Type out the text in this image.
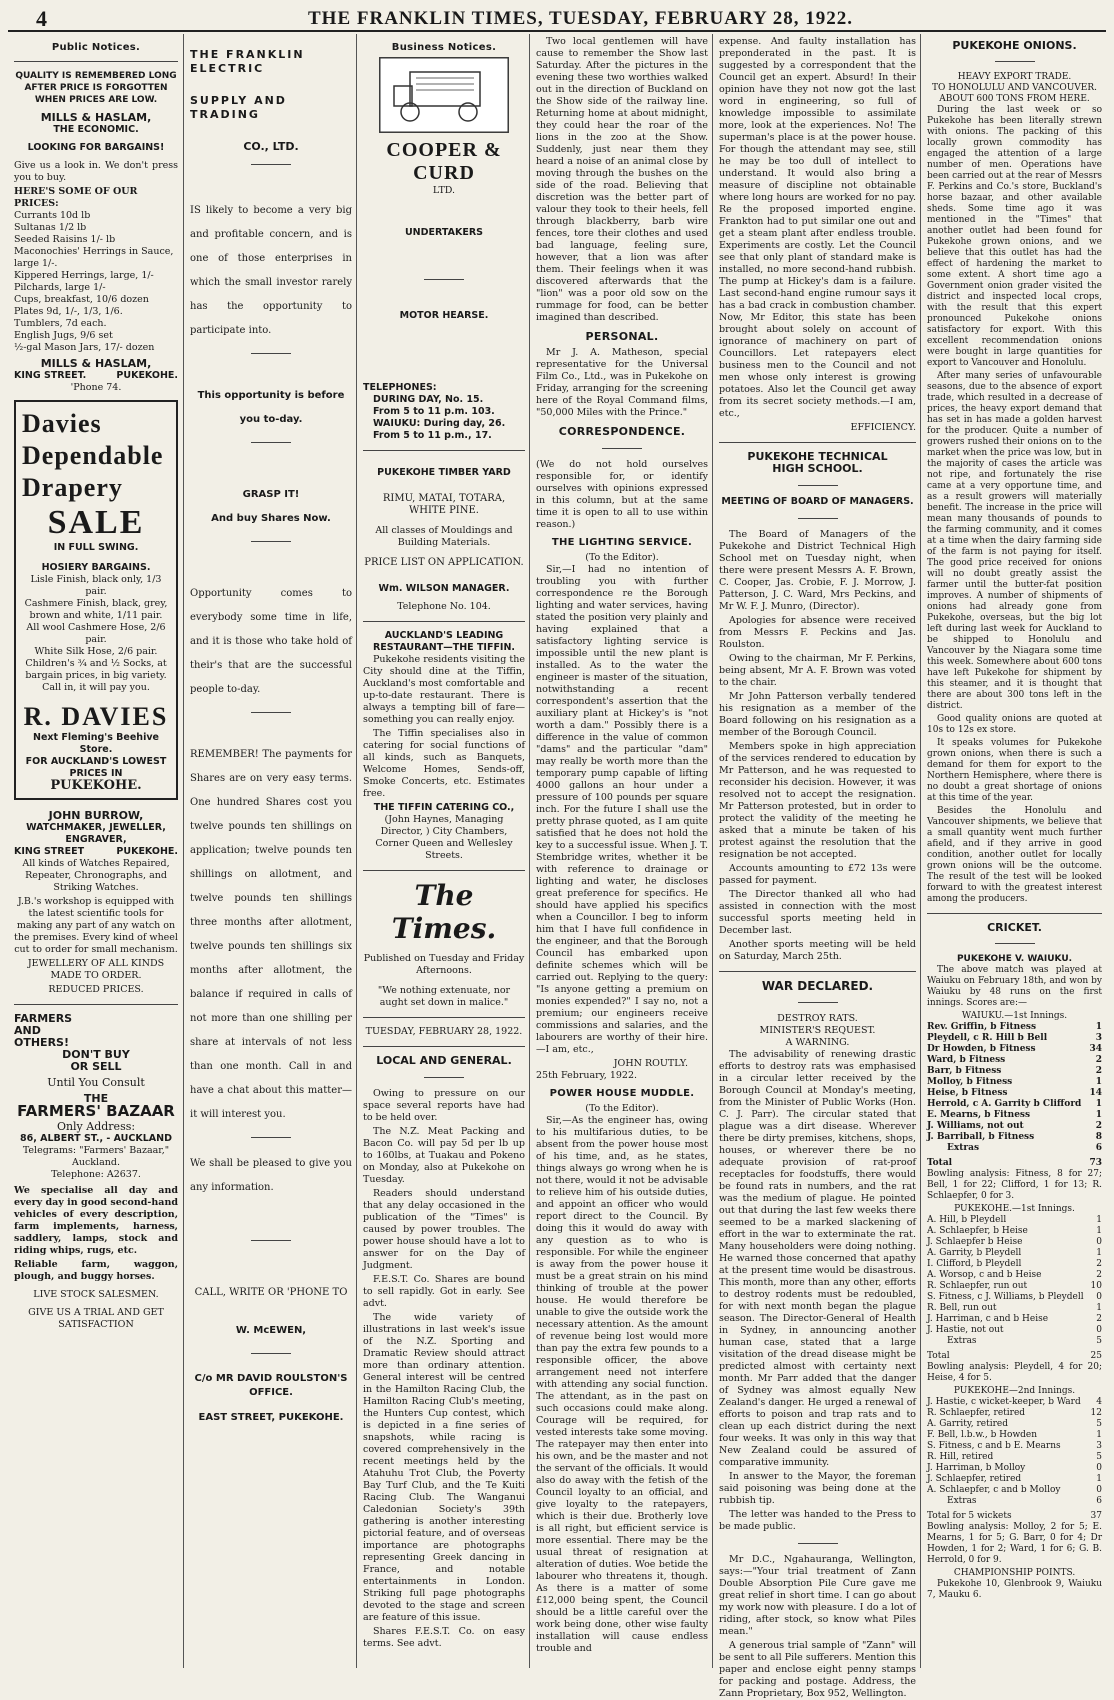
4	THE FRANKLIN TIMES, TUESDAY, FEBRUARY 28, 1922.
Public Notices.
QUALITY IS REMEMBERED LONG AFTER PRICE IS FORGOTTEN WHEN PRICES ARE LOW.
MILLS & HASLAM,
THE ECONOMIC.
LOOKING FOR BARGAINS!

Give us a look in. We don't press you to buy.

HERE'S SOME OF OUR PRICES:
Currants 10d lb
Sultanas 1/2 lb
Seeded Raisins 1/- lb
Maconochies' Herrings in Sauce, large 1/-.
Kippered Herrings, large, 1/-
Pilchards, large 1/-
Cups, breakfast, 10/6 dozen
Plates 9d, 1/-, 1/3, 1/6.
Tumblers, 7d each.
English Jugs, 9/6 set
½-gal Mason Jars, 17/- dozen
MILLS & HASLAM,
KING STREET.	PUKEKOHE.
'Phone 74.
Davies
Dependable
Drapery
SALE
IN FULL SWING.
HOSIERY BARGAINS.
Lisle Finish, black only, 1/3 pair.
Cashmere Finish, black, grey, brown and white, 1/11 pair.
All wool Cashmere Hose, 2/6 pair.
White Silk Hose, 2/6 pair.
Children's ¾ and ½ Socks, at bargain prices, in big variety.
Call in, it will pay you.
R. DAVIES
Next Fleming's Beehive Store.
FOR AUCKLAND'S LOWEST PRICES IN
PUKEKOHE.
JOHN BURROW,
WATCHMAKER, JEWELLER, ENGRAVER,
KING STREET	PUKEKOHE.

All kinds of Watches Repaired, Repeater, Chronographs, and Striking Watches.

J.B.'s workshop is equipped with the latest scientific tools for making any part of any watch on the premises. Every kind of wheel cut to order for small mechanism.

JEWELLERY OF ALL KINDS MADE TO ORDER.

REDUCED PRICES.

FARMERS
AND
OTHERS!
DON'T BUY
OR SELL
Until You Consult
THE
FARMERS' BAZAAR
Only Address:
86, ALBERT ST., - AUCKLAND
Telegrams: "Farmers' Bazaar," Auckland.
Telephone: A2637.

We specialise all day and every day in good second-hand vehicles of every description, farm implements, harness, saddlery, lamps, stock and riding whips, rugs, etc.

Reliable farm, waggon, plough, and buggy horses.

LIVE STOCK SALESMEN.
GIVE US A TRIAL AND GET SATISFACTION
THE FRANKLIN ELECTRIC
SUPPLY AND TRADING
CO., LTD.

IS likely to become a very big and profitable concern, and is one of those enterprises in which the small investor rarely has the opportunity to participate into.

This opportunity is before you to-day.

GRASP IT!
And buy Shares Now.

Opportunity comes to everybody some time in life, and it is those who take hold of their's that are the successful people to-day.

REMEMBER! The payments for Shares are on very easy terms. One hundred Shares cost you twelve pounds ten shillings on application; twelve pounds ten shillings on allotment, and twelve pounds ten shillings three months after allotment, twelve pounds ten shillings six months after allotment, the balance if required in calls of not more than one shilling per share at intervals of not less than one month. Call in and have a chat about this matter—it will interest you.

We shall be pleased to give you any information.

CALL, WRITE OR 'PHONE TO
W. McEWEN,
C/o MR DAVID ROULSTON'S OFFICE.
EAST STREET, PUKEKOHE.
Business Notices.
COOPER & CURD
LTD.
UNDERTAKERS
MOTOR HEARSE.
TELEPHONES:
DURING DAY, No. 15.
From 5 to 11 p.m. 103.
WAIUKU: During day, 26.
From 5 to 11 p.m., 17.
PUKEKOHE TIMBER YARD
RIMU, MATAI, TOTARA, WHITE PINE.
All classes of Mouldings and Building Materials.
PRICE LIST ON APPLICATION.
Wm. WILSON MANAGER.
Telephone No. 104.
AUCKLAND'S LEADING RESTAURANT—THE TIFFIN.

Pukekohe residents visiting the City should dine at the Tiffin, Auckland's most comfortable and up-to-date restaurant. There is always a tempting bill of fare—something you can really enjoy.

The Tiffin specialises also in catering for social functions of all kinds, such as Banquets, Welcome Homes, Sends-off, Smoke Concerts, etc. Estimates free.

THE TIFFIN CATERING CO.,
(John Haynes, Managing Director, ) City Chambers, Corner Queen and Wellesley Streets.
The Times.
Published on Tuesday and Friday Afternoons.
"We nothing extenuate, nor aught set down in malice."
TUESDAY, FEBRUARY 28, 1922.
LOCAL AND GENERAL.

Owing to pressure on our space several reports have had to be held over.

The N.Z. Meat Packing and Bacon Co. will pay 5d per lb up to 160lbs, at Tuakau and Pokeno on Monday, also at Pukekohe on Tuesday.

Readers should understand that any delay occasioned in the publication of the "Times" is caused by power troubles. The power house should have a lot to answer for on the Day of Judgment.

F.E.S.T. Co. Shares are bound to sell rapidly. Got in early. See advt.

The wide variety of illustrations in last week's issue of the N.Z. Sporting and Dramatic Review should attract more than ordinary attention. General interest will be centred in the Hamilton Racing Club, the Hamilton Racing Club's meeting, the Hunters Cup contest, which is depicted in a fine series of snapshots, while racing is covered comprehensively in the recent meetings held by the Atahuhu Trot Club, the Poverty Bay Turf Club, and the Te Kuiti Racing Club. The Wanganui Caledonian Society's 39th gathering is another interesting pictorial feature, and of overseas importance are photographs representing Greek dancing in France, and notable entertainments in London. Striking full page photographs devoted to the stage and screen are feature of this issue.

Shares F.E.S.T. Co. on easy terms. See advt.

Two local gentlemen will have cause to remember the Show last Saturday. After the pictures in the evening these two worthies walked out in the direction of Buckland on the Show side of the railway line. Returning home at about midnight, they could hear the roar of the lions in the zoo at the Show. Suddenly, just near them they heard a noise of an animal close by moving through the bushes on the side of the road. Believing that discretion was the better part of valour they took to their heels, fell through blackberry, barb wire fences, tore their clothes and used bad language, feeling sure, however, that a lion was after them. Their feelings when it was discovered afterwards that the "lion" was a poor old sow on the rummage for food, can be better imagined than described.

PERSONAL.

Mr J. A. Matheson, special representative for the Universal Film Co., Ltd., was in Pukekohe on Friday, arranging for the screening here of the Royal Command films, "50,000 Miles with the Prince."

CORRESPONDENCE.

(We do not hold ourselves responsible for, or identify ourselves with opinions expressed in this column, but at the same time it is open to all to use within reason.)

THE LIGHTING SERVICE.
(To the Editor).

Sir,—I had no intention of troubling you with further correspondence re the Borough lighting and water services, having stated the position very plainly and having explained that a satisfactory lighting service is impossible until the new plant is installed. As to the water the engineer is master of the situation, notwithstanding a recent correspondent's assertion that the auxiliary plant at Hickey's is "not worth a dam." Possibly there is a difference in the value of common "dams" and the particular "dam" may really be worth more than the temporary pump capable of lifting 4000 gallons an hour under a pressure of 100 pounds per square inch. For the future I shall use the pretty phrase quoted, as I am quite satisfied that he does not hold the key to a successful issue. When J. T. Stembridge writes, whether it be with reference to drainage or lighting and water, he discloses great preference for specifics. He should have applied his specifics when a Councillor. I beg to inform him that I have full confidence in the engineer, and that the Borough Council has embarked upon definite schemes which will be carried out. Replying to the query: "Is anyone getting a premium on monies expended?" I say no, not a premium; our engineers receive commissions and salaries, and the labourers are worthy of their hire.—I am, etc.,

JOHN ROUTLY.
25th February, 1922.
POWER HOUSE MUDDLE.
(To the Editor).

Sir,—As the engineer has, owing to his multifarious duties, to be absent from the power house most of his time, and, as he states, things always go wrong when he is not there, would it not be advisable to relieve him of his outside duties, and appoint an officer who would report direct to the Council. By doing this it would do away with any question as to who is responsible. For while the engineer is away from the power house it must be a great strain on his mind thinking of trouble at the power house. He would therefore be unable to give the outside work the necessary attention. As the amount of revenue being lost would more than pay the extra few pounds to a responsible officer, the above arrangement need not interfere with attending any social function. The attendant, as in the past on such occasions could make along. Courage will be required, for vested interests take some moving. The ratepayer may then enter into his own, and be the master and not the servant of the officials. It would also do away with the fetish of the Council loyalty to an official, and give loyalty to the ratepayers, which is their due. Brotherly love is all right, but efficient service is more essential. There may be the usual threat of resignation at alteration of duties. Woe betide the labourer who threatens it, though. As there is a matter of some £12,000 being spent, the Council should be a little careful over the work being done, other wise faulty installation will cause endless trouble and

expense. And faulty installation has preponderated in the past. It is suggested by a correspondent that the Council get an expert. Absurd! In their opinion have they not now got the last word in engineering, so full of knowledge impossible to assimilate more, look at the experiences. No! The superman's place is at the power house. For though the attendant may see, still he may be too dull of intellect to understand. It would also bring a measure of discipline not obtainable where long hours are worked for no pay. Re the proposed imported engine. Frankton had to put similar one out and get a steam plant after endless trouble. Experiments are costly. Let the Council see that only plant of standard make is installed, no more second-hand rubbish. The pump at Hickey's dam is a failure. Last second-hand engine rumour says it has a bad crack in combustion chamber. Now, Mr Editor, this state has been brought about solely on account of ignorance of machinery on part of Councillors. Let ratepayers elect business men to the Council and not men whose only interest is growing potatoes. Also let the Council get away from its secret society methods.—I am, etc.,

EFFICIENCY.
PUKEKOHE TECHNICAL
HIGH SCHOOL.
MEETING OF BOARD OF MANAGERS.

The Board of Managers of the Pukekohe and District Technical High School met on Tuesday night, when there were present Messrs A. F. Brown, C. Cooper, Jas. Crobie, F. J. Morrow, J. Patterson, J. C. Ward, Mrs Peckins, and Mr W. F. J. Munro, (Director).

Apologies for absence were received from Messrs F. Peckins and Jas. Roulston.

Owing to the chairman, Mr F. Perkins, being absent, Mr A. F. Brown was voted to the chair.

Mr John Patterson verbally tendered his resignation as a member of the Board following on his resignation as a member of the Borough Council.

Members spoke in high appreciation of the services rendered to education by Mr Patterson, and he was requested to reconsider his decision. However, it was resolved not to accept the resignation. Mr Patterson protested, but in order to protect the validity of the meeting he asked that a minute be taken of his protest against the resolution that the resignation be not accepted.

Accounts amounting to £72 13s were passed for payment.

The Director thanked all who had assisted in connection with the most successful sports meeting held in December last.

Another sports meeting will be held on Saturday, March 25th.

WAR DECLARED.
DESTROY RATS.
MINISTER'S REQUEST.
A WARNING.

The advisability of renewing drastic efforts to destroy rats was emphasised in a circular letter received by the Borough Council at Monday's meeting, from the Minister of Public Works (Hon. C. J. Parr). The circular stated that plague was a dirt disease. Wherever there be dirty premises, kitchens, shops, houses, or wherever there be no adequate provision of rat-proof receptacles for foodstuffs, there would be found rats in numbers, and the rat was the medium of plague. He pointed out that during the last few weeks there seemed to be a marked slackening of effort in the war to exterminate the rat. Many householders were doing nothing. He warned those concerned that apathy at the present time would be disastrous. This month, more than any other, efforts to destroy rodents must be redoubled, for with next month began the plague season. The Director-General of Health in Sydney, in announcing another human case, stated that a large visitation of the dread disease might be predicted almost with certainty next month. Mr Parr added that the danger of Sydney was almost equally New Zealand's danger. He urged a renewal of efforts to poison and trap rats and to clean up each district during the next four weeks. It was only in this way that New Zealand could be assured of comparative immunity.

In answer to the Mayor, the foreman said poisoning was being done at the rubbish tip.

The letter was handed to the Press to be made public.

Mr D.C., Ngahauranga, Wellington, says:—"Your trial treatment of Zann Double Absorption Pile Cure gave me great relief in short time. I can go about my work now with pleasure. I do a lot of riding, after stock, so know what Piles mean."

A generous trial sample of "Zann" will be sent to all Pile sufferers. Mention this paper and enclose eight penny stamps for packing and postage. Address, the Zann Proprietary, Box 952, Wellington.

PUKEKOHE ONIONS.
HEAVY EXPORT TRADE.
TO HONOLULU AND VANCOUVER.
ABOUT 600 TONS FROM HERE.

During the last week or so Pukekohe has been literally strewn with onions. The packing of this locally grown commodity has engaged the attention of a large number of men. Operations have been carried out at the rear of Messrs F. Perkins and Co.'s store, Buckland's horse bazaar, and other available sheds. Some time ago it was mentioned in the "Times" that another outlet had been found for Pukekohe grown onions, and we believe that this outlet has had the effect of hardening the market to some extent. A short time ago a Government onion grader visited the district and inspected local crops, with the result that this expert pronounced Pukekohe onions satisfactory for export. With this excellent recommendation onions were bought in large quantities for export to Vancouver and Honolulu.

After many series of unfavourable seasons, due to the absence of export trade, which resulted in a decrease of prices, the heavy export demand that has set in has made a golden harvest for the producer. Quite a number of growers rushed their onions on to the market when the price was low, but in the majority of cases the article was not ripe, and fortunately the rise came at a very opportune time, and as a result growers will materially benefit. The increase in the price will mean many thousands of pounds to the farming community, and it comes at a time when the dairy farming side of the farm is not paying for itself. The good price received for onions will no doubt greatly assist the farmer until the butter-fat position improves. A number of shipments of onions had already gone from Pukekohe, overseas, but the big lot left during last week for Auckland to be shipped to Honolulu and Vancouver by the Niagara some time this week. Somewhere about 600 tons have left Pukekohe for shipment by this steamer, and it is thought that there are about 300 tons left in the district.

Good quality onions are quoted at 10s to 12s ex store.

It speaks volumes for Pukekohe grown onions, when there is such a demand for them for export to the Northern Hemisphere, where there is no doubt a great shortage of onions at this time of the year.

Besides the Honolulu and Vancouver shipments, we believe that a small quantity went much further afield, and if they arrive in good condition, another outlet for locally grown onions will be the outcome. The result of the test will be looked forward to with the greatest interest among the producers.

CRICKET.
PUKEKOHE V. WAIUKU.

The above match was played at Waiuku on February 18th, and won by Waiuku by 48 runs on the first innings. Scores are:—

WAIUKU.—1st Innings.
Rev. Griffin, b Fitness	1
Pleydell, c R. Hill b Bell	3
Dr Howden, b Fitness	34
Ward, b Fitness	2
Barr, b Fitness	2
Molloy, b Fitness	1
Heise, b Fitness	14
Herrold, c A. Garrity b Clifford 1
E. Mearns, b Fitness	1
J. Williams, not out	2
J. Barriball, b Fitness	8
Extras	6
Total	73

Bowling analysis: Fitness, 8 for 27; Bell, 1 for 22; Clifford, 1 for 13; R. Schlaepfer, 0 for 3.

PUKEKOHE.—1st Innings.
A. Hill, b Pleydell	1
A. Schlaepfer, b Heise	1
J. Schlaepfer b Heise	0
A. Garrity, b Pleydell	1
I. Clifford, b Pleydell	2
A. Worsop, c and b Heise	2
R. Schlaepfer, run out	10
S. Fitness, c J. Williams, b Pleydell 0
R. Bell, run out	1
J. Harriman, c and b Heise	2
J. Hastie, not out	0
Extras	5
Total	25

Bowling analysis: Pleydell, 4 for 20; Heise, 4 for 5.

PUKEKOHE—2nd Innings.
J. Hastie, c wicket-keeper, b Ward 4
R. Schlaepfer, retired	12
A. Garrity, retired	5
F. Bell, l.b.w., b Howden	1
S. Fitness, c and b E. Mearns	3
R. Hill, retired	5
J. Harriman, b Molloy	0
J. Schlaepfer, retired	1
A. Schlaepfer, c and b Molloy	0
Extras	6
Total for 5 wickets	37

Bowling analysis: Molloy, 2 for 5; E. Mearns, 1 for 5; G. Barr, 0 for 4; Dr Howden, 1 for 2; Ward, 1 for 6; G. B. Herrold, 0 for 9.

CHAMPIONSHIP POINTS.

Pukekohe 10, Glenbrook 9, Waiuku 7, Mauku 6.
